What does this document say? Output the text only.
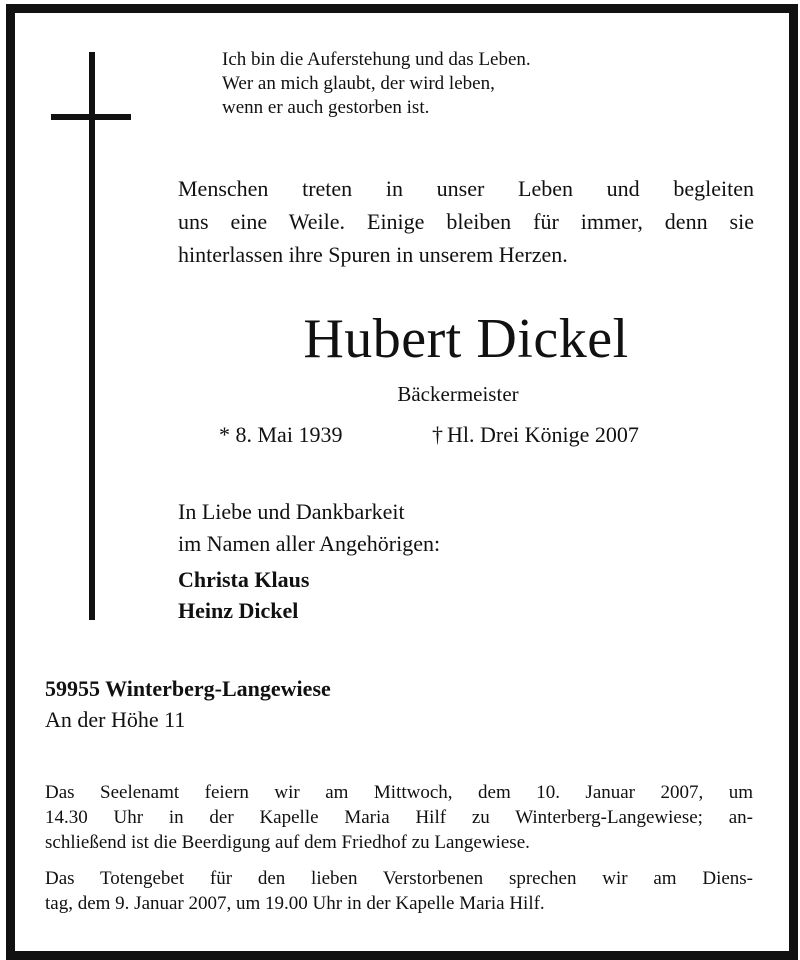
Ich bin die Auferstehung und das Leben.
Wer an mich glaubt, der wird leben,
wenn er auch gestorben ist.
Menschen treten in unser Leben und begleiten
uns eine Weile. Einige bleiben für immer, denn sie
hinterlassen ihre Spuren in unserem Herzen.
Hubert Dickel
Bäckermeister
* 8. Mai 1939	† Hl. Drei Könige 2007
In Liebe und Dankbarkeit
im Namen aller Angehörigen:
Christa Klaus
Heinz Dickel
59955 Winterberg-Langewiese
An der Höhe 11
Das Seelenamt feiern wir am Mittwoch, dem 10. Januar 2007, um
14.30 Uhr in der Kapelle Maria Hilf zu Winterberg-Langewiese; an-
schließend ist die Beerdigung auf dem Friedhof zu Langewiese.
Das Totengebet für den lieben Verstorbenen sprechen wir am Diens-
tag, dem 9. Januar 2007, um 19.00 Uhr in der Kapelle Maria Hilf.
